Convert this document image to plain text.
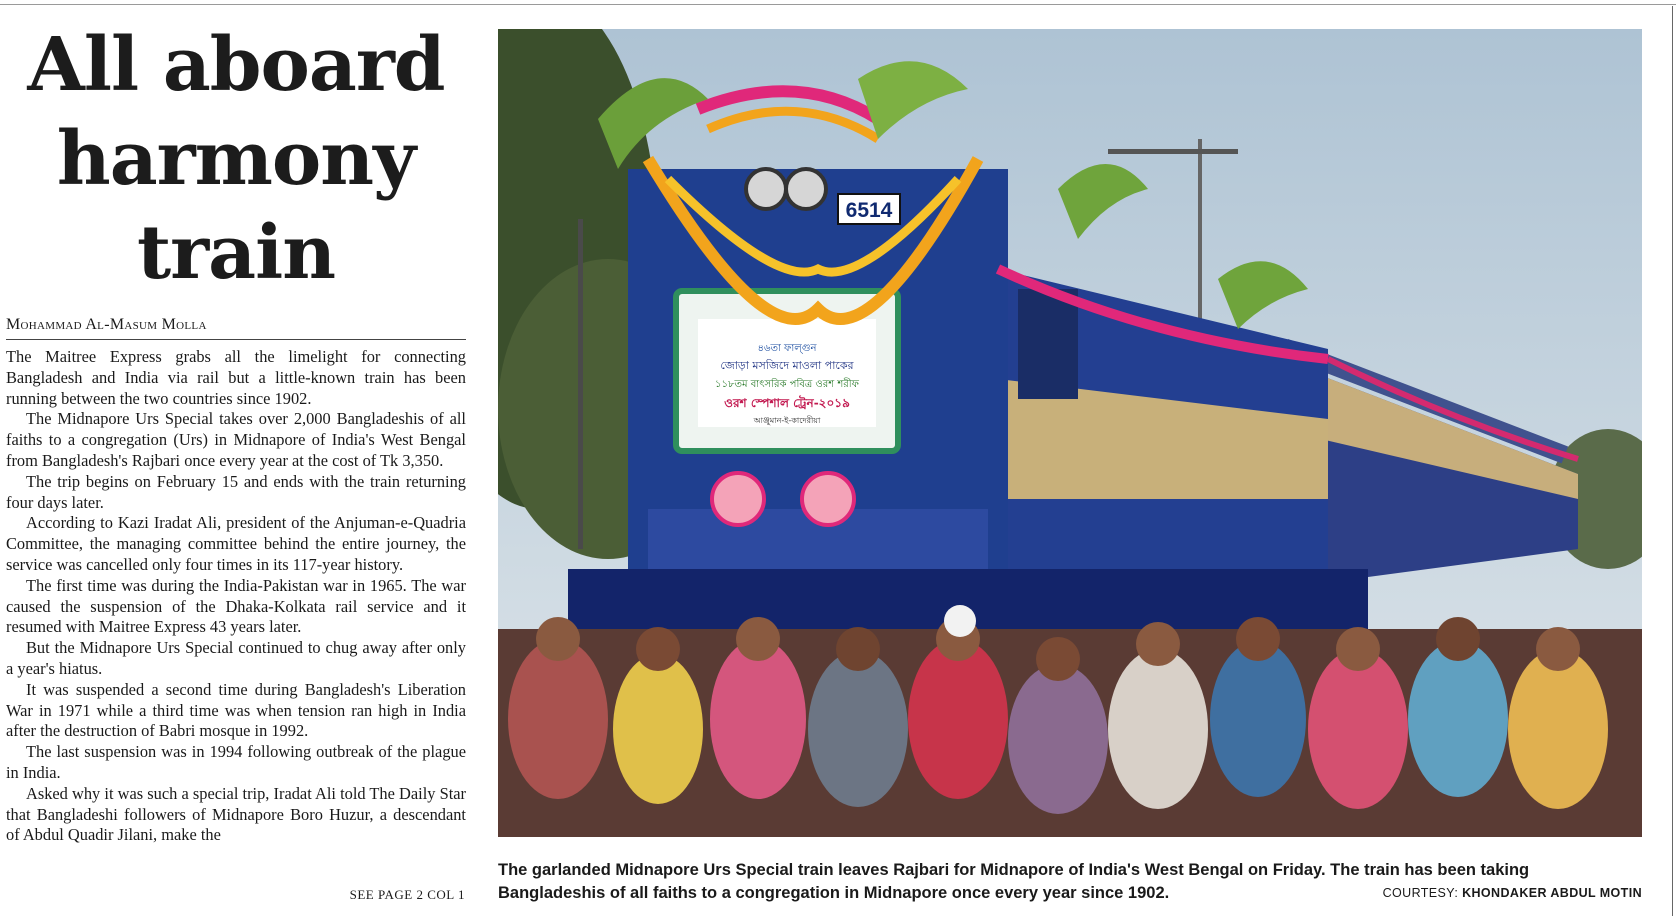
All aboard
harmony
train
Mohammad Al-Masum Molla

The Maitree Express grabs all the limelight for connecting Bangladesh and India via rail but a little-known train has been running between the two countries since 1902.

The Midnapore Urs Special takes over 2,000 Bangladeshis of all faiths to a congregation (Urs) in Midnapore of India's West Bengal from Bangladesh's Rajbari once every year at the cost of Tk 3,350.

The trip begins on February 15 and ends with the train returning four days later.

According to Kazi Iradat Ali, president of the Anjuman-e-Quadria Committee, the managing committee behind the entire journey, the service was cancelled only four times in its 117-year history.

The first time was during the India-Pakistan war in 1965. The war caused the suspension of the Dhaka-Kolkata rail service and it resumed with Maitree Express 43 years later.

But the Midnapore Urs Special continued to chug away after only a year's hiatus.

It was suspended a second time during Bangladesh's Liberation War in 1971 while a third time was when tension ran high in India after the destruction of Babri mosque in 1992.

The last suspension was in 1994 following outbreak of the plague in India.

Asked why it was such a special trip, Iradat Ali told The Daily Star that Bangladeshi followers of Midnapore Boro Huzur, a descendant of Abdul Quadir Jilani, make the

SEE PAGE 2 COL 1
6514
৪৬তা ফাল্গুন
জোড়া মসজিদে মাওলা পাকের
১১৮তম বাৎসরিক পবিত্র ওরশ শরীফ
ওরশ স্পেশাল ট্রেন-২০১৯
আঞ্জুমান-ই-কাদেরীয়া
The garlanded Midnapore Urs Special train leaves Rajbari for Midnapore of India's West Bengal on Friday. The train has been taking Bangladeshis of all faiths to a congregation in Midnapore once every year since 1902.	COURTESY: KHONDAKER ABDUL MOTIN
